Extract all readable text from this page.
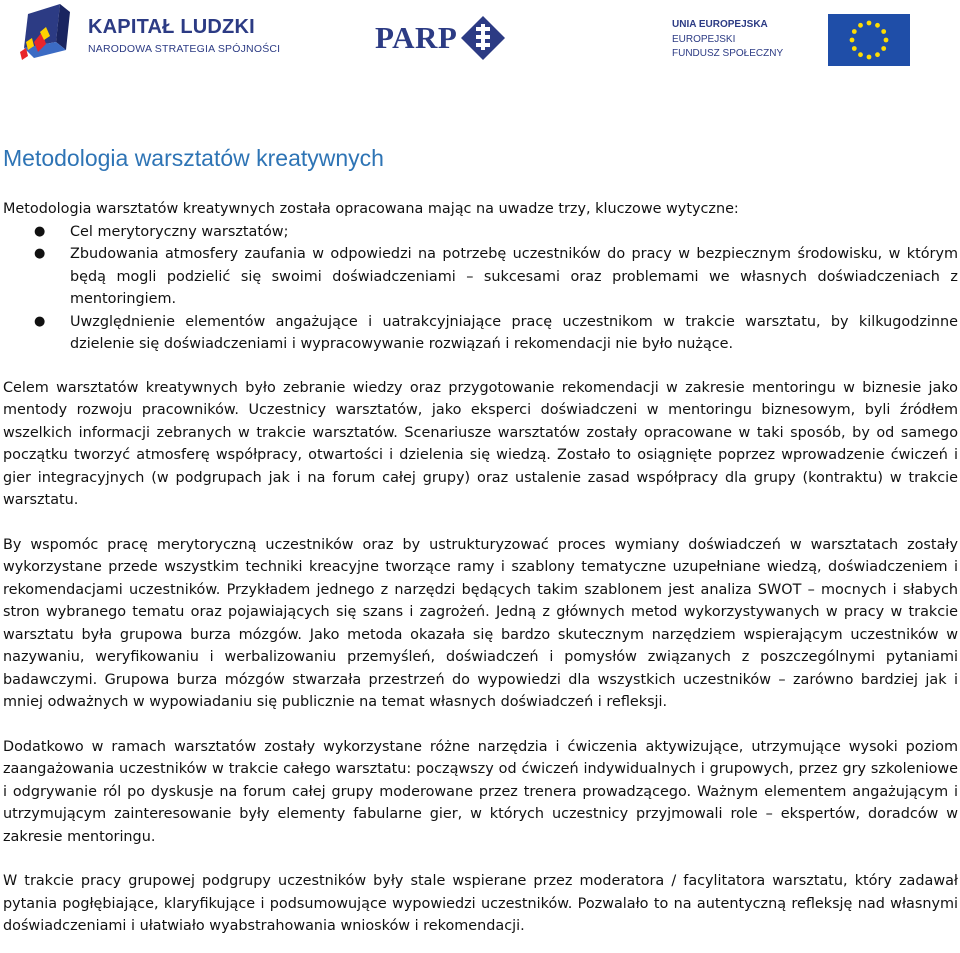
KAPITAŁ LUDZKI
NARODOWA STRATEGIA SPÓJNOŚCI	PARP	UNIA EUROPEJSKA
EUROPEJSKI
FUNDUSZ SPOŁECZNY
Metodologia warsztatów kreatywnych

Metodologia warsztatów kreatywnych została opracowana mając na uwadze trzy, kluczowe wytyczne:

● Cel merytoryczny warsztatów;
● Zbudowania atmosfery zaufania w odpowiedzi na potrzebę uczestników do pracy w bezpiecznym środowisku, w którym będą mogli podzielić się swoimi doświadczeniami – sukcesami oraz problemami we własnych doświadczeniach z mentoringiem.
● Uwzględnienie elementów angażujące i uatrakcyjniające pracę uczestnikom w trakcie warsztatu, by kilkugodzinne dzielenie się doświadczeniami i wypracowywanie rozwiązań i rekomendacji nie było nużące.

Celem warsztatów kreatywnych było zebranie wiedzy oraz przygotowanie rekomendacji w zakresie mentoringu w biznesie jako mentody rozwoju pracowników. Uczestnicy warsztatów, jako eksperci doświadczeni w mentoringu biznesowym, byli źródłem wszelkich informacji zebranych w trakcie warsztatów. Scenariusze warsztatów zostały opracowane w taki sposób, by od samego początku tworzyć atmosferę współpracy, otwartości i dzielenia się wiedzą. Zostało to osiągnięte poprzez wprowadzenie ćwiczeń i gier integracyjnych (w podgrupach jak i na forum całej grupy) oraz ustalenie zasad współpracy dla grupy (kontraktu) w trakcie warsztatu.

By wspomóc pracę merytoryczną uczestników oraz by ustrukturyzować proces wymiany doświadczeń w warsztatach zostały wykorzystane przede wszystkim techniki kreacyjne tworzące ramy i szablony tematyczne uzupełniane wiedzą, doświadczeniem i rekomendacjami uczestników. Przykładem jednego z narzędzi będących takim szablonem jest analiza SWOT – mocnych i słabych stron wybranego tematu oraz pojawiających się szans i zagrożeń. Jedną z głównych metod wykorzystywanych w pracy w trakcie warsztatu była grupowa burza mózgów. Jako metoda okazała się bardzo skutecznym narzędziem wspierającym uczestników w nazywaniu, weryfikowaniu i werbalizowaniu przemyśleń, doświadczeń i pomysłów związanych z poszczególnymi pytaniami badawczymi. Grupowa burza mózgów stwarzała przestrzeń do wypowiedzi dla wszystkich uczestników – zarówno bardziej jak i mniej odważnych w wypowiadaniu się publicznie na temat własnych doświadczeń i refleksji.

Dodatkowo w ramach warsztatów zostały wykorzystane różne narzędzia i ćwiczenia aktywizujące, utrzymujące wysoki poziom zaangażowania uczestników w trakcie całego warsztatu: począwszy od ćwiczeń indywidualnych i grupowych, przez gry szkoleniowe i odgrywanie ról po dyskusje na forum całej grupy moderowane przez trenera prowadzącego. Ważnym elementem angażującym i utrzymującym zainteresowanie były elementy fabularne gier, w których uczestnicy przyjmowali role – ekspertów, doradców w zakresie mentoringu.

W trakcie pracy grupowej podgrupy uczestników były stale wspierane przez moderatora / facylitatora warsztatu, który zadawał pytania pogłębiające, klaryfikujące i podsumowujące wypowiedzi uczestników. Pozwalało to na autentyczną refleksję nad własnymi doświadczeniami i ułatwiało wyabstrahowania wniosków i rekomendacji.
